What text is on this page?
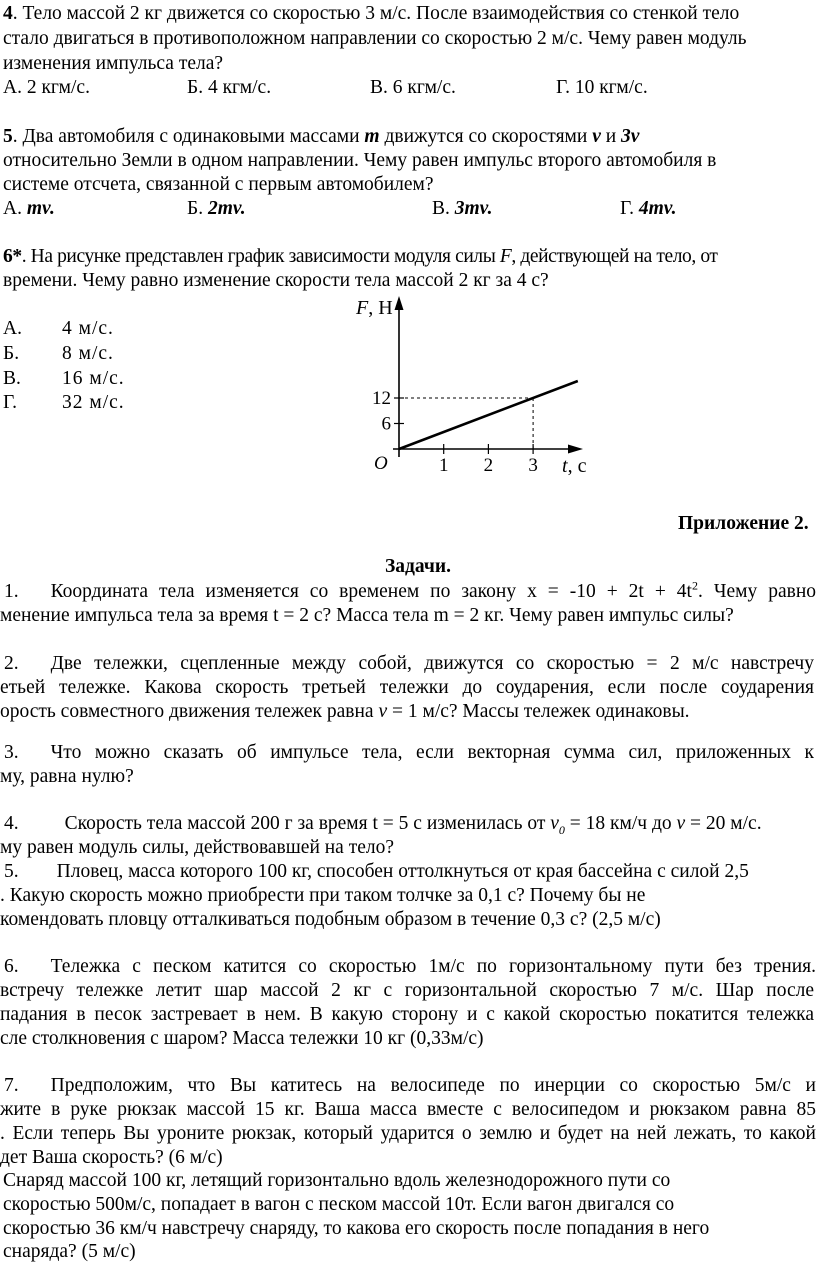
4. Тело массой 2 кг движется со скоростью 3 м/с. После взаимодействия со стенкой тело
стало двигаться в противоположном направлении со скоростью 2 м/с. Чему равен модуль
изменения импульса тела?
А. 2 кгм/с.	Б. 4 кгм/с.	В. 6 кгм/с.	Г. 10 кгм/с.
5. Два автомобиля с одинаковыми массами m движутся со скоростями v и 3v
относительно Земли в одном направлении. Чему равен импульс второго автомобиля в
системе отсчета, связанной с первым автомобилем?
А. mv.	Б. 2mv.	В. 3mv.	Г. 4mv.
6*. На рисунке представлен график зависимости модуля силы F, действующей на тело, от
времени. Чему равно изменение скорости тела массой 2 кг за 4 с?
А. 4 м/с.
Б. 8 м/с.
В. 16 м/с.
Г. 32 м/с.
F, Н
t, с
O	1 2 3
6
12
Приложение 2.
Задачи.
1. Координата тела изменяется со временем по закону $x = -10 + 2t + 4t^2$. Чему равно
менение импульса тела за время t = 2 с? Масса тела m = 2 кг. Чему равен импульс силы?
2. Две тележки, сцепленные между собой, движутся со скоростью = 2 м/с навстречу
етьей тележке. Какова скорость третьей тележки до соударения, если после соударения
орость совместного движения тележек равна v = 1 м/с? Массы тележек одинаковы.
3. Что можно сказать об импульсе тела, если векторная сумма сил, приложенных к
му, равна нулю?
4. Скорость тела массой 200 г за время t = 5 с изменилась от $v_0 = 18$ км/ч до v = 20 м/с.
му равен модуль силы, действовавшей на тело?
5. Пловец, масса которого 100 кг, способен оттолкнуться от края бассейна с силой 2,5
. Какую скорость можно приобрести при таком толчке за 0,1 с? Почему бы не
комендовать пловцу отталкиваться подобным образом в течение 0,3 с? (2,5 м/с)
6. Тележка с песком катится со скоростью 1м/с по горизонтальному пути без трения.
встречу тележке летит шар массой 2 кг с горизонтальной скоростью 7 м/с. Шар после
падания в песок застревает в нем. В какую сторону и с какой скоростью покатится тележка
сле столкновения с шаром? Масса тележки 10 кг (0,33м/с)
7. Предположим, что Вы катитесь на велосипеде по инерции со скоростью 5м/с и
жите в руке рюкзак массой 15 кг. Ваша масса вместе с велосипедом и рюкзаком равна 85
. Если теперь Вы уроните рюкзак, который ударится о землю и будет на ней лежать, то какой
дет Ваша скорость? (6 м/с)
Снаряд массой 100 кг, летящий горизонтально вдоль железнодорожного пути со
скоростью 500м/с, попадает в вагон с песком массой 10т. Если вагон двигался со
скоростью 36 км/ч навстречу снаряду, то какова его скорость после попадания в него
снаряда? (5 м/с)
